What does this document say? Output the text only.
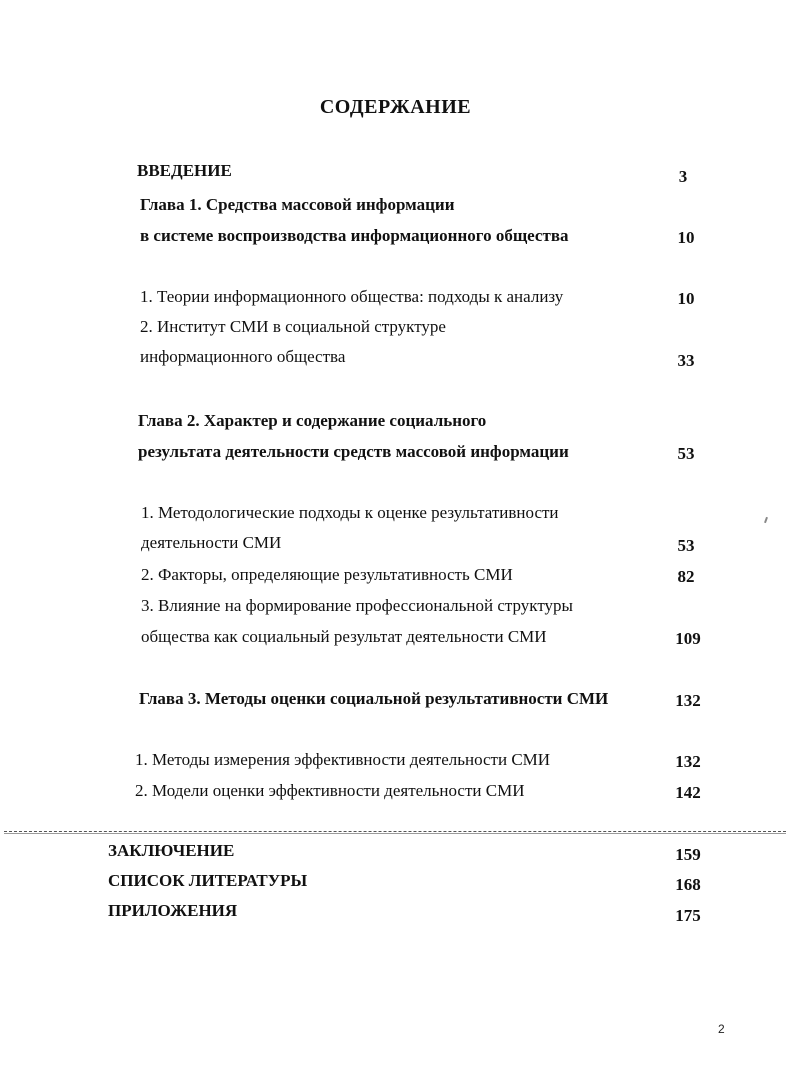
СОДЕРЖАНИЕ
ВВЕДЕНИЕ	3
Глава 1. Средства массовой информации
в системе воспроизводства информационного общества	10
1. Теории информационного общества: подходы к анализу	10
2. Институт СМИ в социальной структуре
информационного общества	33
Глава 2. Характер и содержание социального
результата деятельности средств массовой информации	53
1. Методологические подходы к оценке результативности
деятельности СМИ	53
2. Факторы, определяющие результативность СМИ	82
3. Влияние на формирование профессиональной структуры
общества как социальный результат деятельности СМИ	109
Глава 3. Методы оценки социальной результативности СМИ	132
1. Методы измерения эффективности деятельности СМИ	132
2. Модели оценки эффективности деятельности СМИ	142
ЗАКЛЮЧЕНИЕ	159
СПИСОК ЛИТЕРАТУРЫ	168
ПРИЛОЖЕНИЯ	175
2
